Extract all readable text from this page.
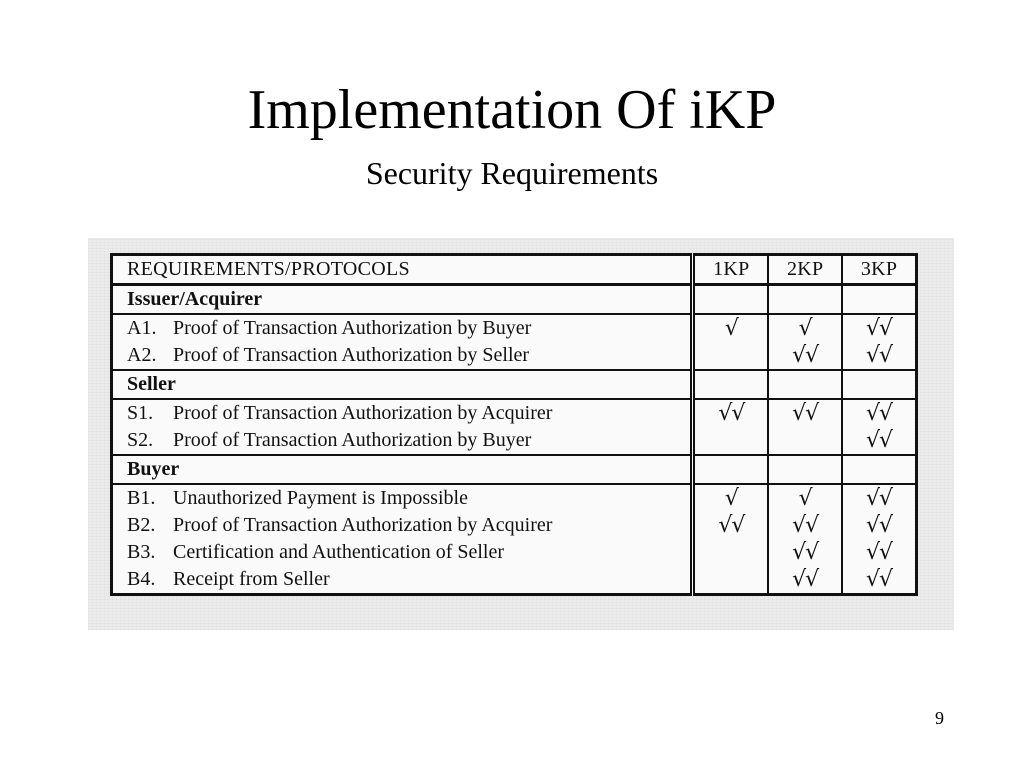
Implementation Of iKP
Security Requirements
REQUIREMENTS/PROTOCOLS	1KP	2KP	3KP
Issuer/Acquirer			
A1. Proof of Transaction Authorization by Buyer	√	√	√√
A2. Proof of Transaction Authorization by Seller		√√	√√
Seller			
S1. Proof of Transaction Authorization by Acquirer	√√	√√	√√
S2. Proof of Transaction Authorization by Buyer			√√
Buyer			
B1. Unauthorized Payment is Impossible	√	√	√√
B2. Proof of Transaction Authorization by Acquirer	√√	√√	√√
B3. Certification and Authentication of Seller		√√	√√
B4. Receipt from Seller		√√	√√
9
